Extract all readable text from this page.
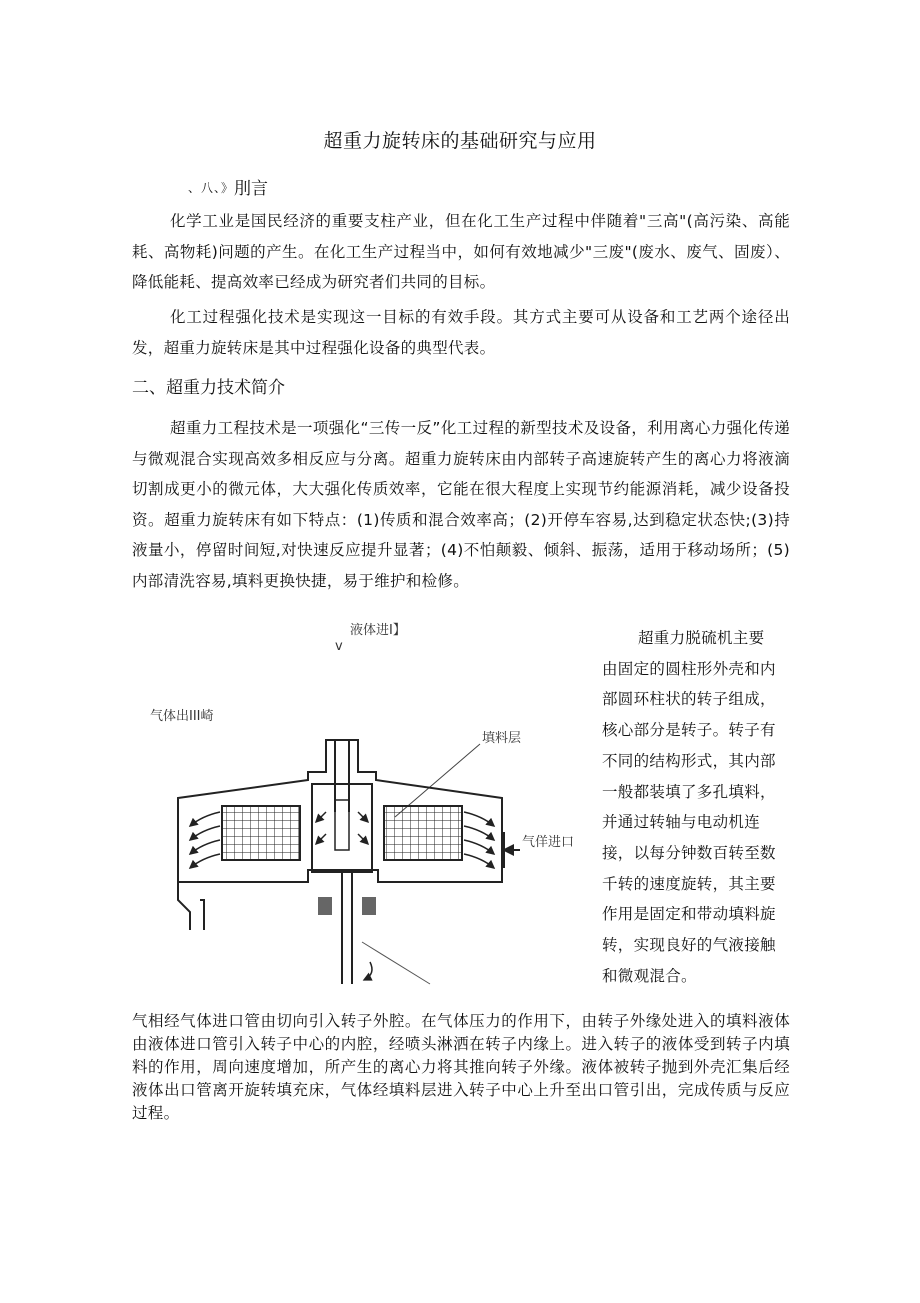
超重力旋转床的基础研究与应用
、八、》刖言
化学工业是国民经济的重要支柱产业，但在化工生产过程中伴随着"三高"(高污染、高能耗、高物耗)问题的产生。在化工生产过程当中，如何有效地减少"三废"(废水、废气、固废）、降低能耗、提高效率已经成为研究者们共同的目标。
化工过程强化技术是实现这一目标的有效手段。其方式主要可从设备和工艺两个途径出发，超重力旋转床是其中过程强化设备的典型代表。
二、超重力技术简介
超重力工程技术是一项强化“三传一反”化工过程的新型技术及设备，利用离心力强化传递与微观混合实现高效多相反应与分离。超重力旋转床由内部转子高速旋转产生的离心力将液滴切割成更小的微元体，大大强化传质效率，它能在很大程度上实现节约能源消耗，减少设备投资。超重力旋转床有如下特点：(1)传质和混合效率高；(2)开停车容易,达到稳定状态快;(3)持液量小，停留时间短,对快速反应提升显著；(4)不怕颠毅、倾斜、振荡，适用于移动场所；(5)内部清洗容易,填料更换快捷，易于维护和检修。
液体进I】
v
气体出III崎
填料层
气佯进口
超重力脱硫机主要
由固定的圆柱形外壳和内部圆环柱状的转子组成，核心部分是转子。转子有不同的结构形式，其内部一般都装填了多孔填料，并通过转轴与电动机连接，以每分钟数百转至数千转的速度旋转，其主要作用是固定和带动填料旋转，实现良好的气液接触和微观混合。
气相经气体进口管由切向引入转子外腔。在气体压力的作用下，由转子外缘处进入的填料液体由液体进口管引入转子中心的内腔，经喷头淋洒在转子内缘上。进入转子的液体受到转子内填料的作用，周向速度增加，所产生的离心力将其推向转子外缘。液体被转子抛到外壳汇集后经液体出口管离开旋转填充床，气体经填料层进入转子中心上升至出口管引出，完成传质与反应过程。
